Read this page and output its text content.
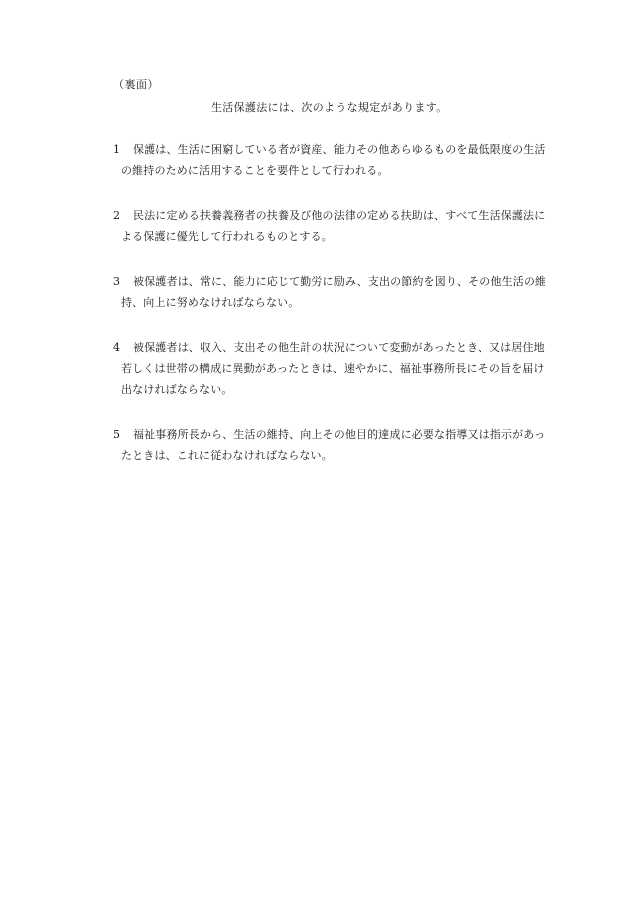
（裏面）
生活保護法には、次のような規定があります。
1	保護は、生活に困窮している者が資産、能力その他あらゆるものを最低限度の生活
の維持のために活用することを要件として行われる。
2	民法に定める扶養義務者の扶養及び他の法律の定める扶助は、すべて生活保護法に
よる保護に優先して行われるものとする。
3	被保護者は、常に、能力に応じて勤労に励み、支出の節約を図り、その他生活の維
持、向上に努めなければならない。
4	被保護者は、収入、支出その他生計の状況について変動があったとき、又は居住地
若しくは世帯の構成に異動があったときは、速やかに、福祉事務所長にその旨を届け
出なければならない。
5	福祉事務所長から、生活の維持、向上その他目的達成に必要な指導又は指示があっ
たときは、これに従わなければならない。
